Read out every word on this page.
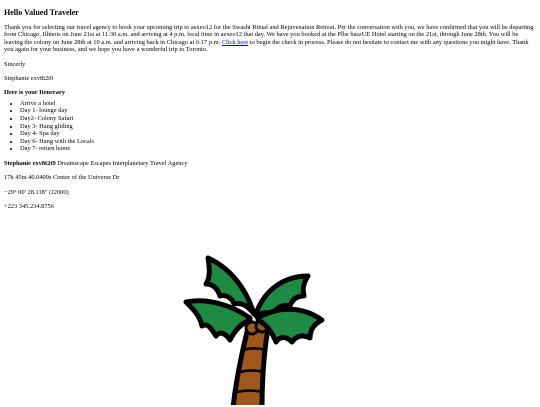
Hello Valued Traveler

Thank you for selecting our travel agency to book your upcoming trip to aexeo12 for the Swashi Ritual and Rejuvenation Retreat. Per the conversation with you, we have confirmed that you will be departing from Chicago, Illinois on June 21st at 11:30 a.m. and arriving at 4 p.m. local time in aexeo12 that day. We have you booked at the Plbe baszUE Hotel starting on the 21st, through June 28th. You will be leaving the colony on June 28th at 10 a.m. and arriving back in Chicago at 6:17 p.m. Click here to begin the check in process. Please do not hesitate to contact me with any questions you might have. Thank you again for your business, and we hope you have a wonderful trip to Toronto.

Sincerly

Stephanie exv8t2t9

Here is your Itenerary

• Arrive a hotel
• Day 1- lounge day
• Day2- Colony Safari
• Day 3- Hang gliding
• Day 4- Spa day
• Day 6- Hang with the Locals
• Day 7- return home

Stephanie exv8t2t9 Dreamscape Escapes Interplanetary Travel Agency

17h 45m 40.0409s Center of the Universe Dr

−29° 00′ 28.118″ (J2000)

+223 345.234.8756
